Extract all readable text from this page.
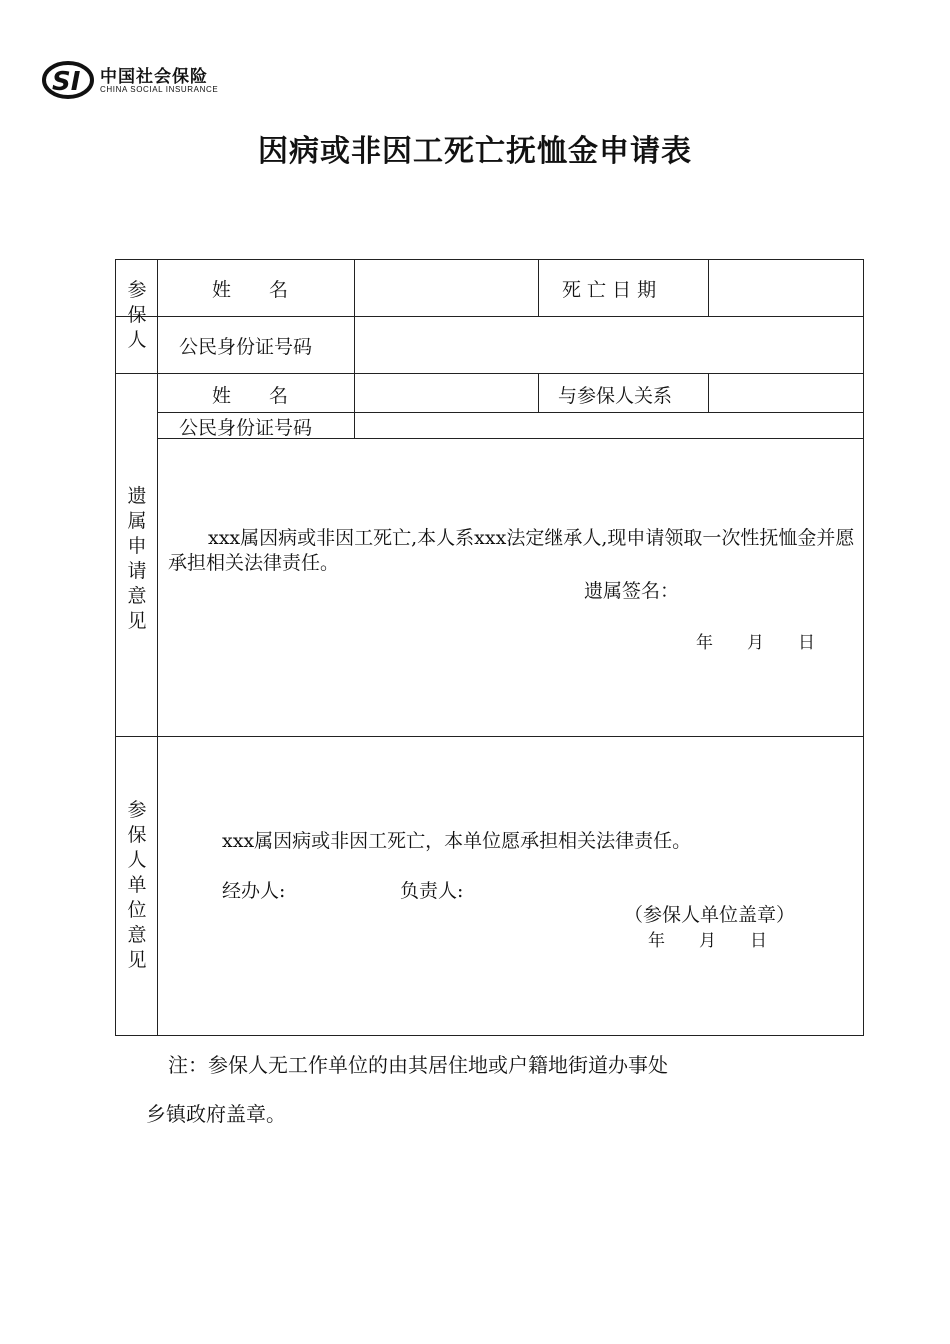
SI 中国社会保险
CHINA SOCIAL INSURANCE
因病或非因工死亡抚恤金申请表
参
保
人
姓　　名	死 亡 日 期
公民身份证号码
遗
属
申
请
意
见
姓　　名	与参保人关系
公民身份证号码
xxx属因病或非因工死亡,本人系xxx法定继承人,现申请领取一次性抚恤金并愿承担相关法律责任。
遗属签名：
年　　月　　日
参
保
人
单
位
意
见
xxx属因病或非因工死亡，本单位愿承担相关法律责任。
经办人:	负责人:
（参保人单位盖章）
年　　月　　日
注：参保人无工作单位的由其居住地或户籍地街道办事处
乡镇政府盖章。
